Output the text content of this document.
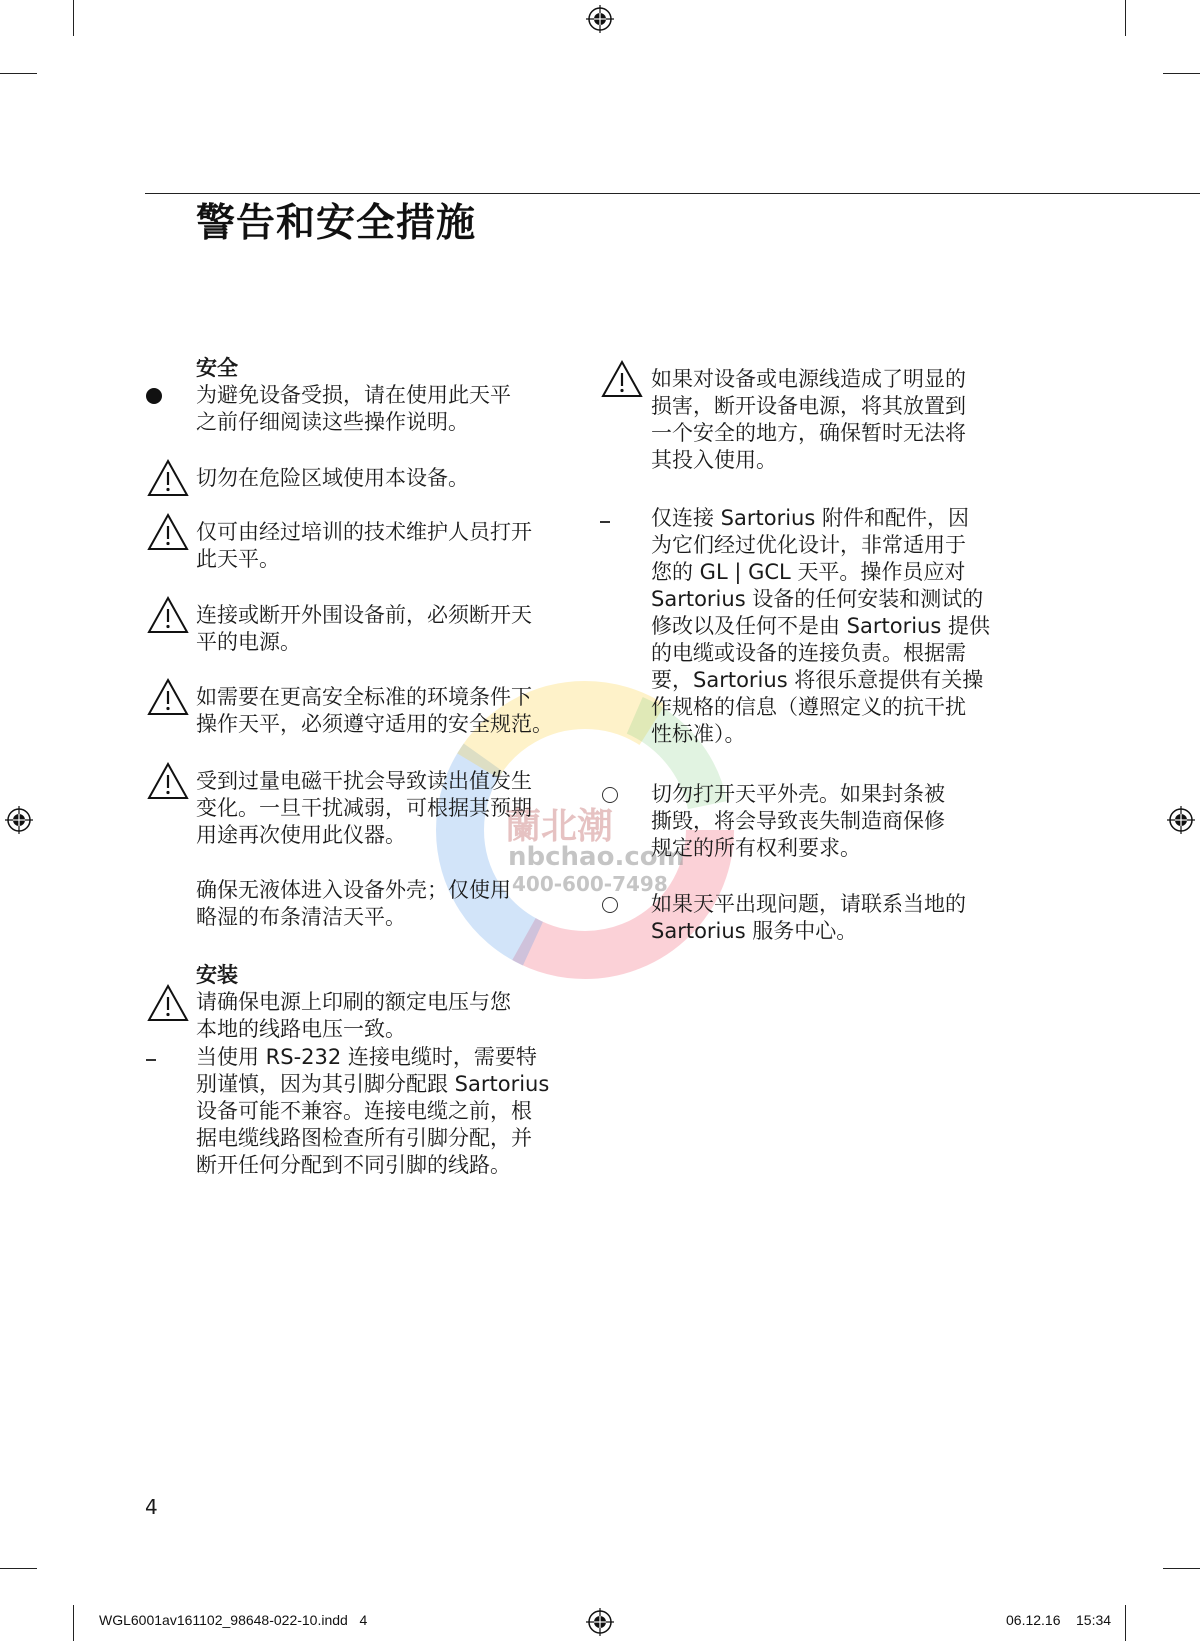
警告和安全措施
蘭北潮
nbchao.com
400-600-7498
安全
为避免设备受损，请在使用此天平
之前仔细阅读这些操作说明。
切勿在危险区域使用本设备。
仅可由经过培训的技术维护人员打开
此天平。
连接或断开外围设备前，必须断开天
平的电源。
如需要在更高安全标准的环境条件下
操作天平，必须遵守适用的安全规范。
受到过量电磁干扰会导致读出值发生
变化。一旦干扰减弱，可根据其预期
用途再次使用此仪器。
确保无液体进入设备外壳；仅使用
略湿的布条清洁天平。
安装
请确保电源上印刷的额定电压与您
本地的线路电压一致。
当使用 RS-232 连接电缆时，需要特
别谨慎，因为其引脚分配跟 Sartorius
设备可能不兼容。连接电缆之前，根
据电缆线路图检查所有引脚分配，并
断开任何分配到不同引脚的线路。
如果对设备或电源线造成了明显的
损害，断开设备电源，将其放置到
一个安全的地方，确保暂时无法将
其投入使用。
仅连接 Sartorius 附件和配件，因
为它们经过优化设计，非常适用于
您的 GL | GCL 天平。操作员应对
Sartorius 设备的任何安装和测试的
修改以及任何不是由 Sartorius 提供
的电缆或设备的连接负责。根据需
要，Sartorius 将很乐意提供有关操
作规格的信息（遵照定义的抗干扰
性标准）。
切勿打开天平外壳。如果封条被
撕毁，将会导致丧失制造商保修
规定的所有权利要求。
如果天平出现问题，请联系当地的
Sartorius 服务中心。
4
WGL6001av161102_98648-022-10.indd   4	06.12.16 15:34
